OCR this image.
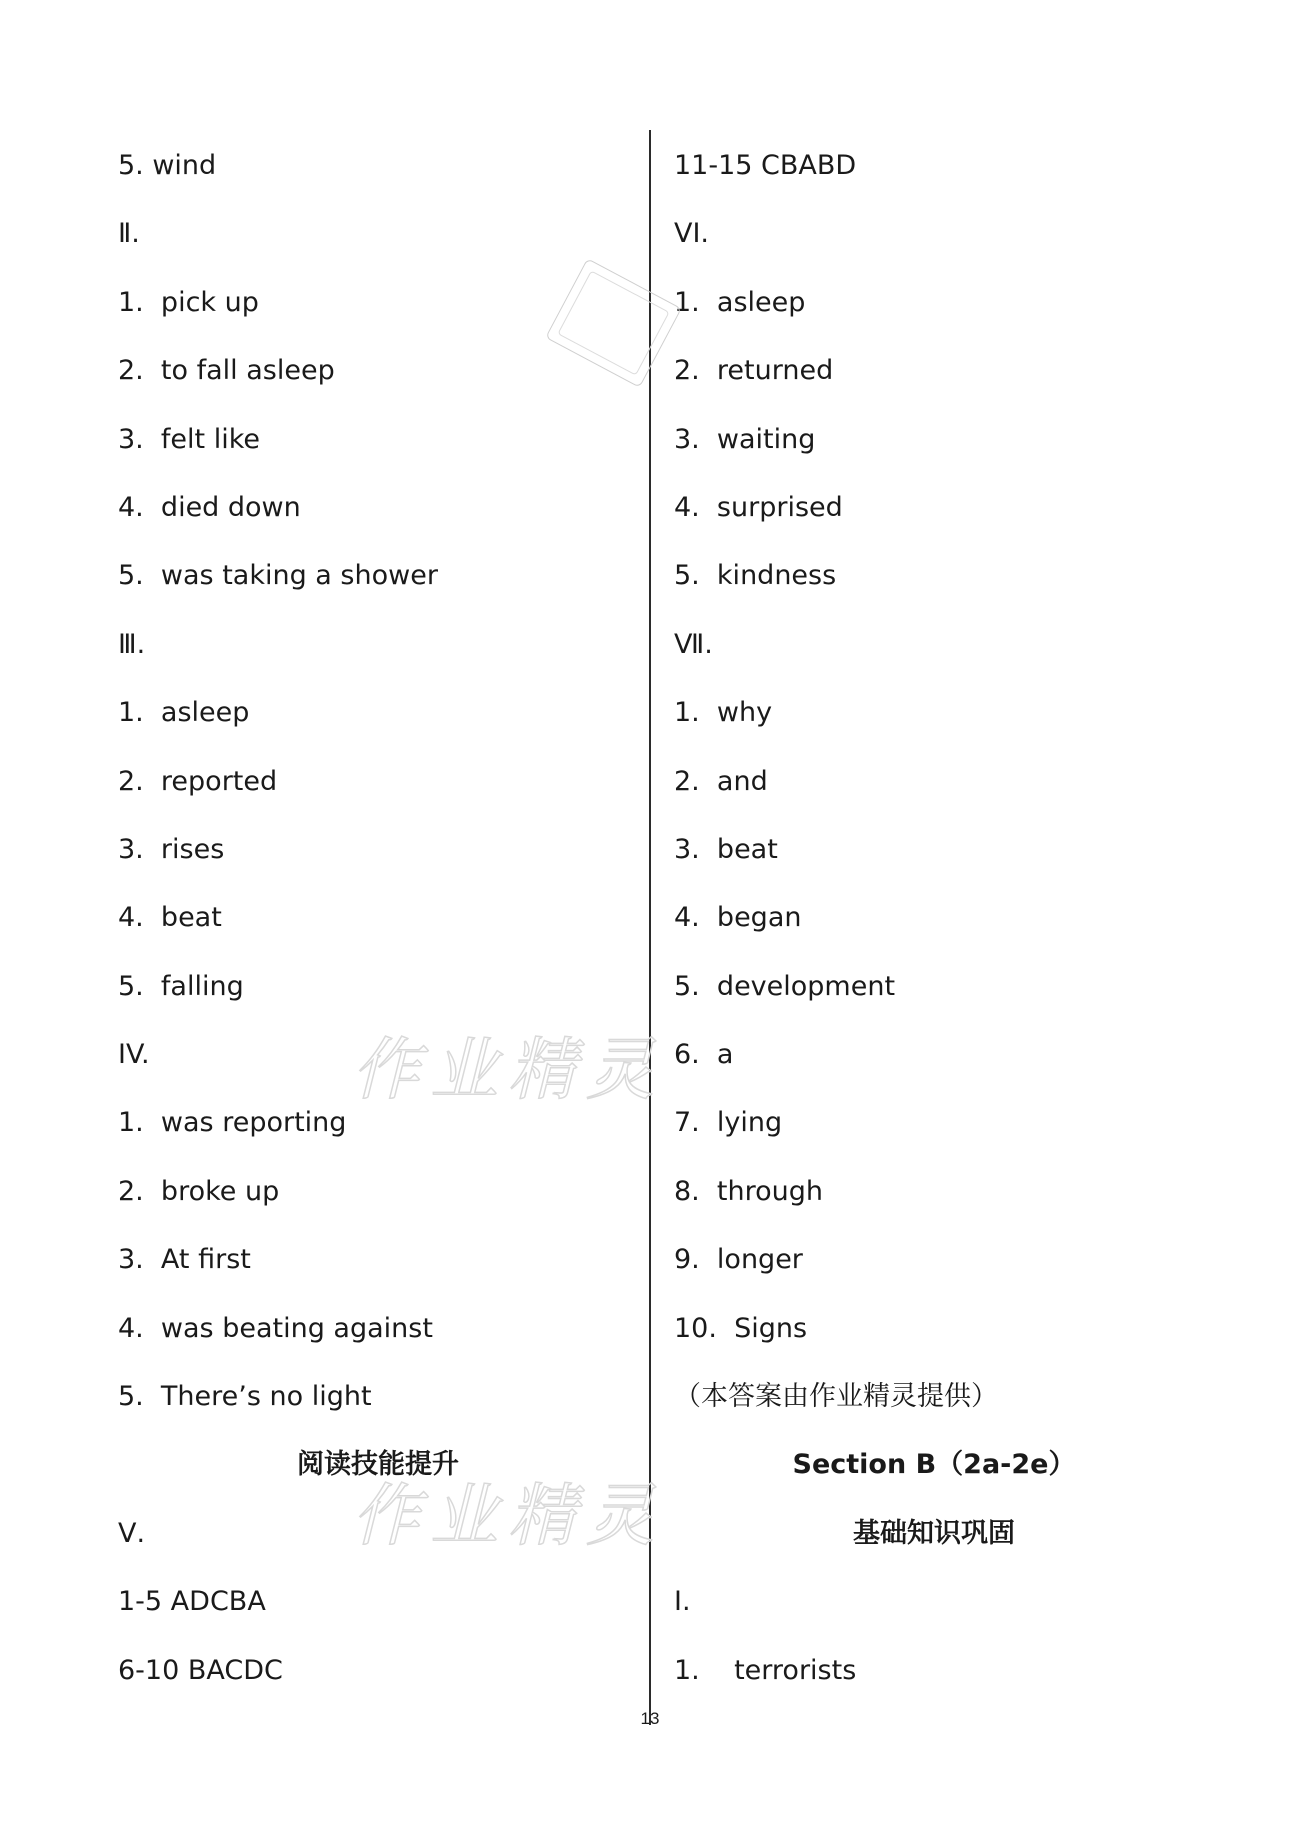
5. wind
Ⅱ.
1.  pick up
2.  to fall asleep
3.  felt like
4.  died down
5.  was taking a shower
Ⅲ.
1.  asleep
2.  reported
3.  rises
4.  beat
5.  falling
IV.
1.  was reporting
2.  broke up
3.  At first
4.  was beating against
5.  There’s no light
阅读技能提升
Ⅴ.
1-5 ADCBA
6-10 BACDC
11-15 CBABD
VI.
1.  asleep
2.  returned
3.  waiting
4.  surprised
5.  kindness
Ⅶ.
1.  why
2.  and
3.  beat
4.  began
5.  development
6.  a
7.  lying
8.  through
9.  longer
10.  Signs
（本答案由作业精灵提供）
Section B（2a-2e）
基础知识巩固
Ⅰ.
1.    terrorists
作业精灵
作业精灵
13
